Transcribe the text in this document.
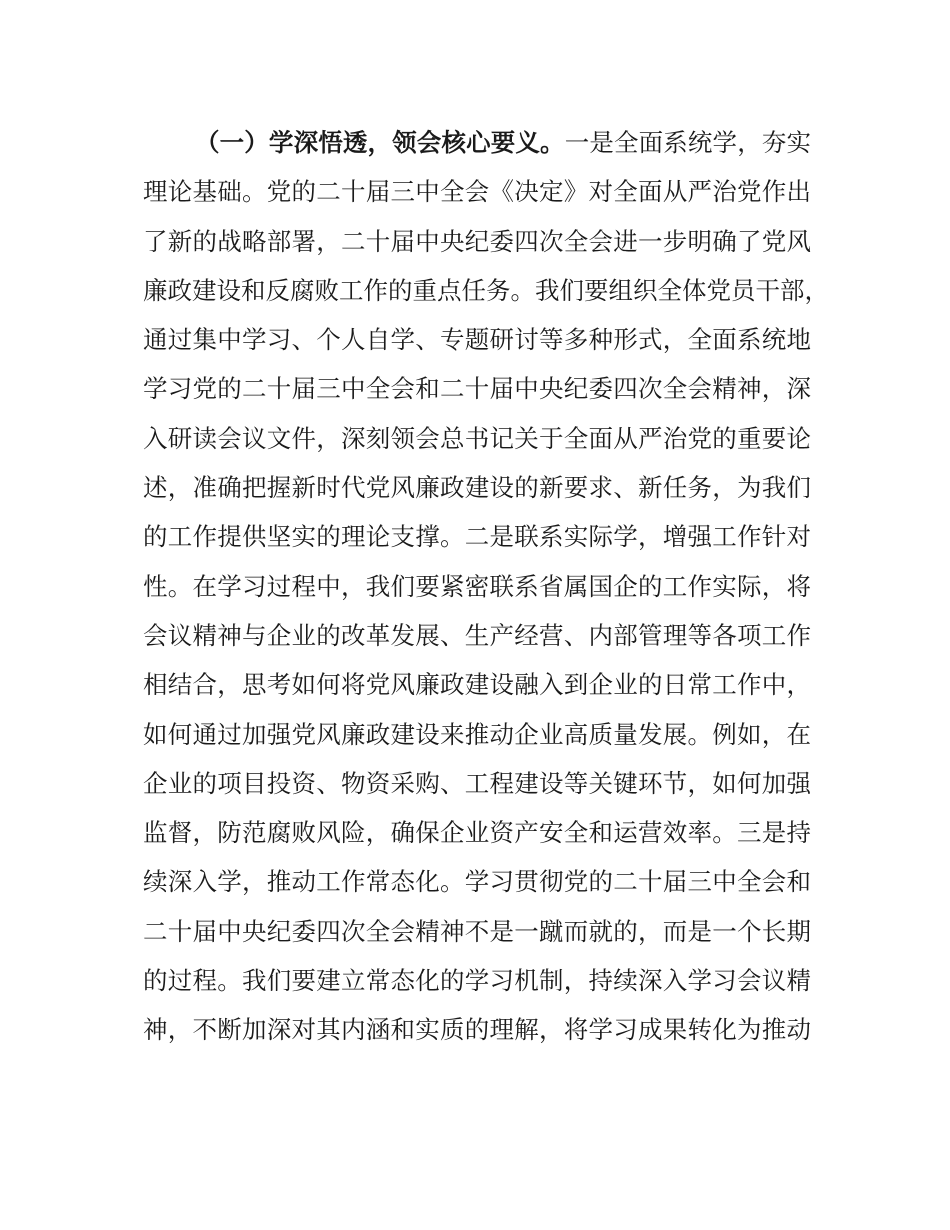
（一）学深悟透，领会核心要义。一是全面系统学，夯实
理论基础。党的二十届三中全会《决定》对全面从严治党作出
了新的战略部署，二十届中央纪委四次全会进一步明确了党风
廉政建设和反腐败工作的重点任务。我们要组织全体党员干部，
通过集中学习、个人自学、专题研讨等多种形式，全面系统地
学习党的二十届三中全会和二十届中央纪委四次全会精神，深
入研读会议文件，深刻领会总书记关于全面从严治党的重要论
述，准确把握新时代党风廉政建设的新要求、新任务，为我们
的工作提供坚实的理论支撑。二是联系实际学，增强工作针对
性。在学习过程中，我们要紧密联系省属国企的工作实际，将
会议精神与企业的改革发展、生产经营、内部管理等各项工作
相结合，思考如何将党风廉政建设融入到企业的日常工作中，
如何通过加强党风廉政建设来推动企业高质量发展。例如，在
企业的项目投资、物资采购、工程建设等关键环节，如何加强
监督，防范腐败风险，确保企业资产安全和运营效率。三是持
续深入学，推动工作常态化。学习贯彻党的二十届三中全会和
二十届中央纪委四次全会精神不是一蹴而就的，而是一个长期
的过程。我们要建立常态化的学习机制，持续深入学习会议精
神，不断加深对其内涵和实质的理解，将学习成果转化为推动
